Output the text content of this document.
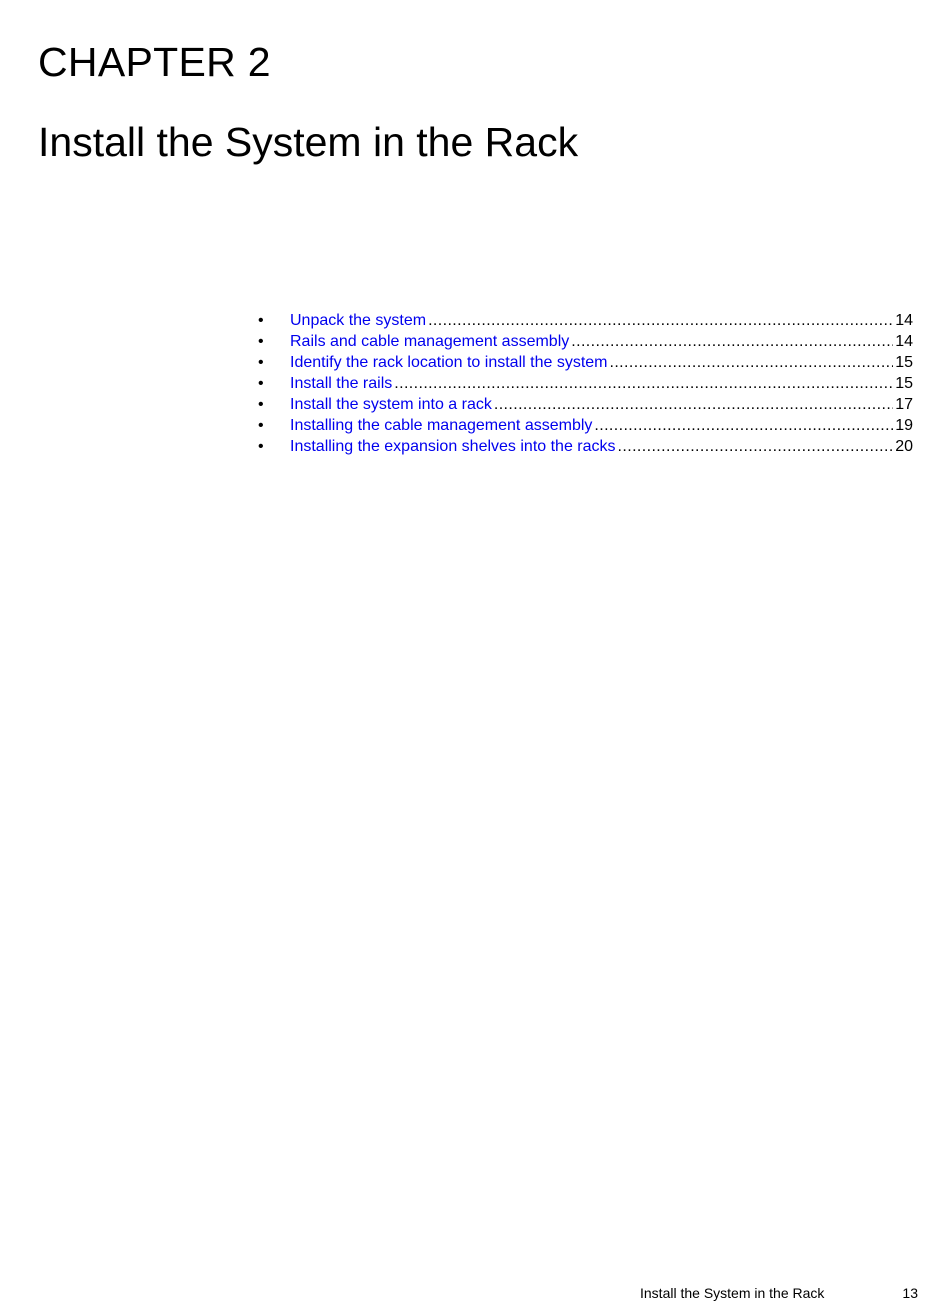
CHAPTER 2
Install the System in the Rack
•	Unpack the system .....	14
•	Rails and cable management assembly .....	14
•	Identify the rack location to install the system .....	15
•	Install the rails .....	15
•	Install the system into a rack .....	17
•	Installing the cable management assembly .....	19
•	Installing the expansion shelves into the racks .....	20
Install the System in the Rack	13
